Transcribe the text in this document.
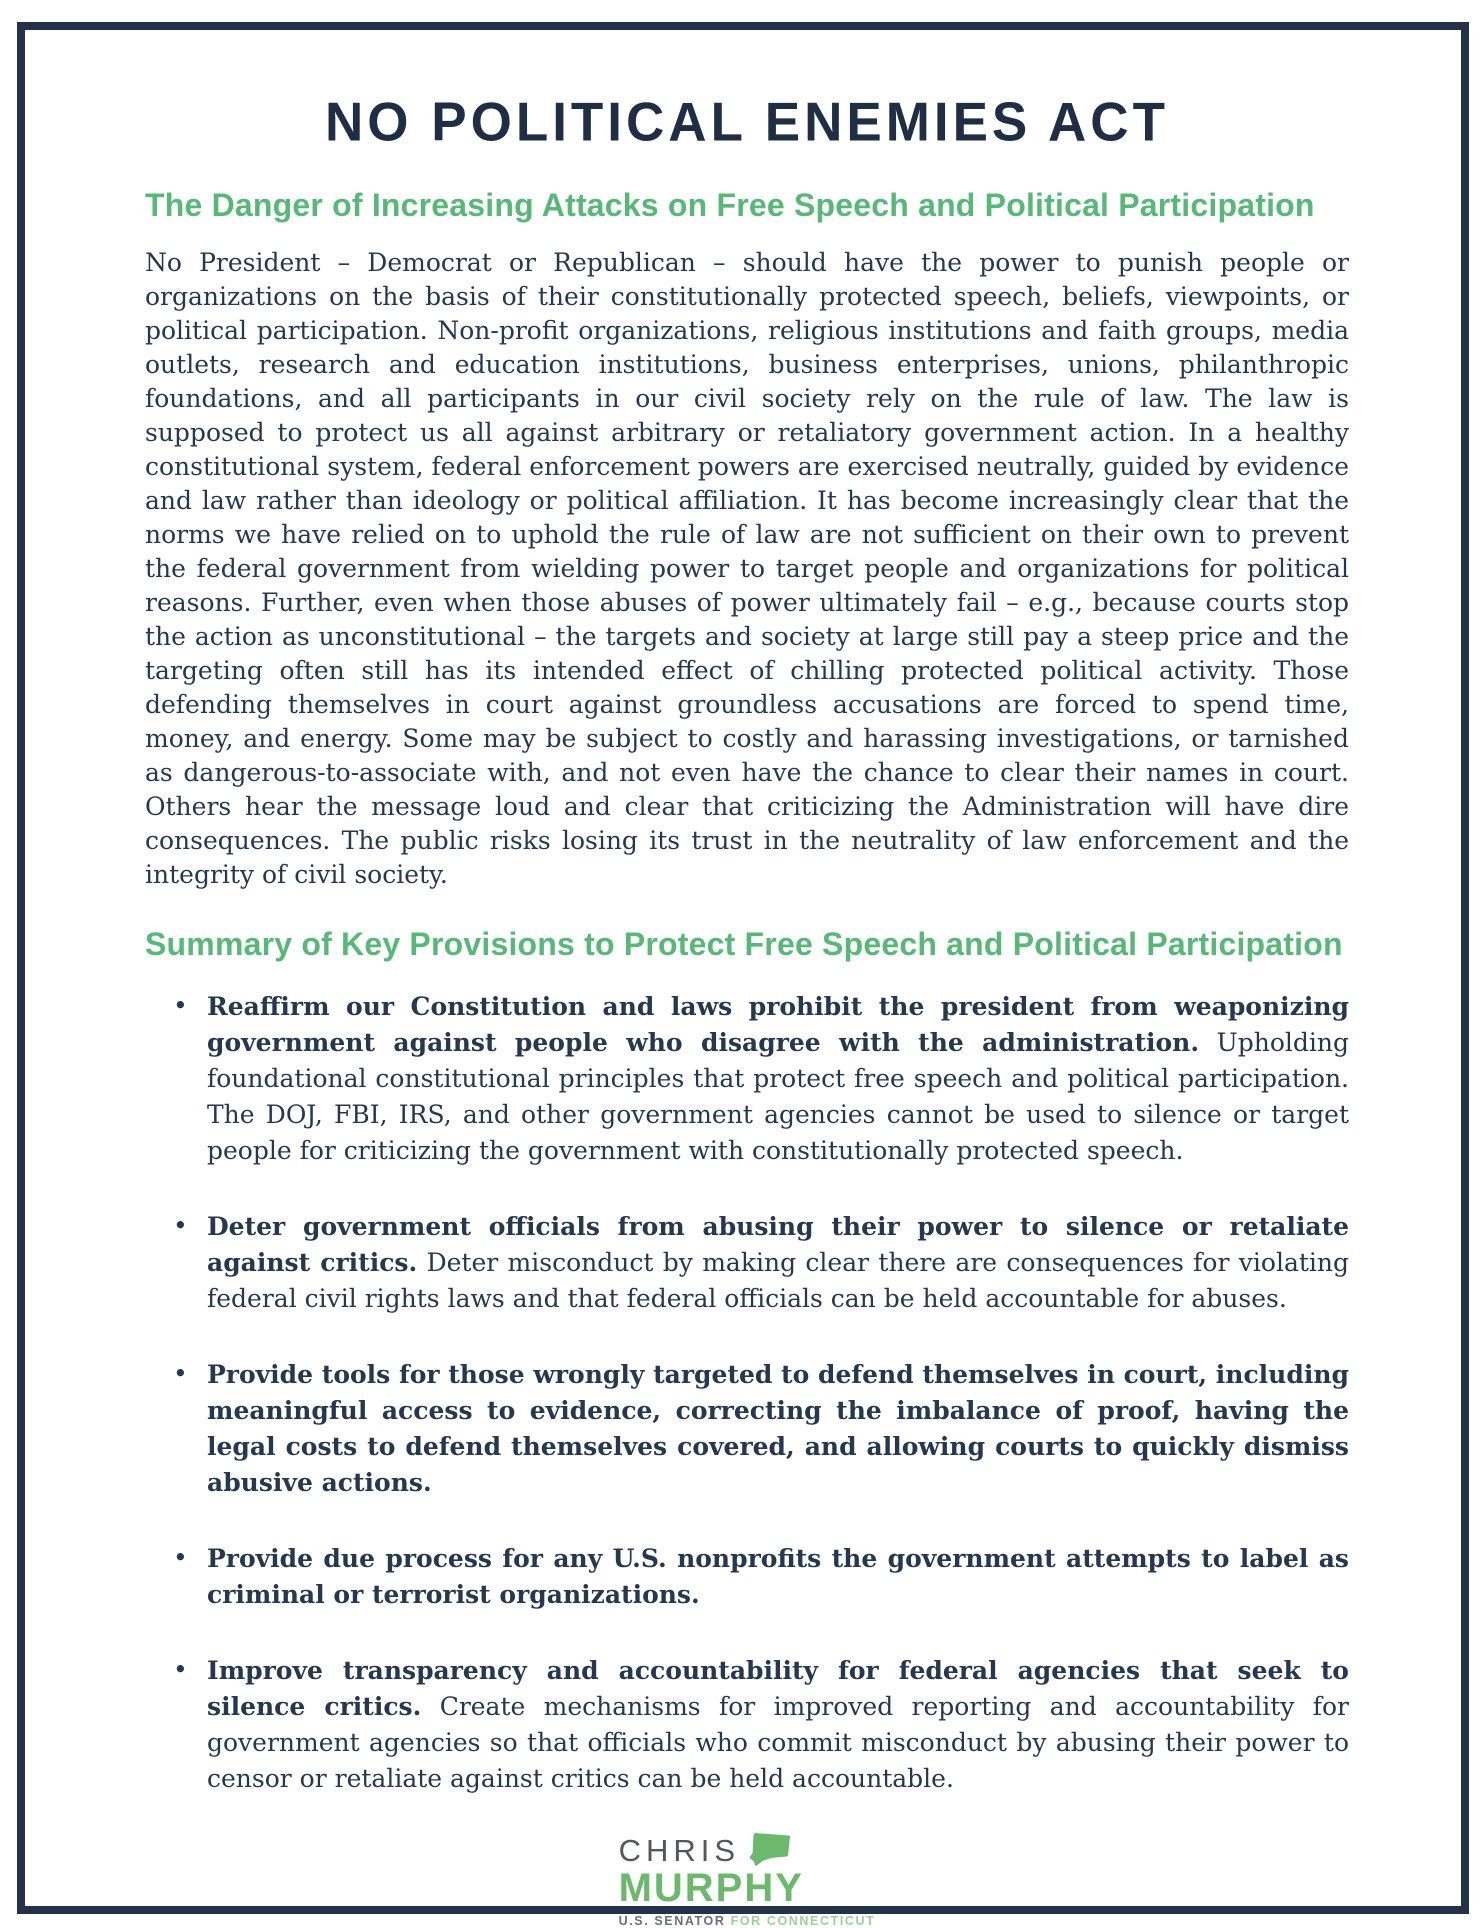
NO POLITICAL ENEMIES ACT
The Danger of Increasing Attacks on Free Speech and Political Participation

No President – Democrat or Republican – should have the power to punish people or organizations on the basis of their constitutionally protected speech, beliefs, viewpoints, or political participation. Non-profit organizations, religious institutions and faith groups, media outlets, research and education institutions, business enterprises, unions, philanthropic foundations, and all participants in our civil society rely on the rule of law. The law is supposed to protect us all against arbitrary or retaliatory government action. In a healthy constitutional system, federal enforcement powers are exercised neutrally, guided by evidence and law rather than ideology or political affiliation. It has become increasingly clear that the norms we have relied on to uphold the rule of law are not sufficient on their own to prevent the federal government from wielding power to target people and organizations for political reasons. Further, even when those abuses of power ultimately fail – e.g., because courts stop the action as unconstitutional – the targets and society at large still pay a steep price and the targeting often still has its intended effect of chilling protected political activity. Those defending themselves in court against groundless accusations are forced to spend time, money, and energy. Some may be subject to costly and harassing investigations, or tarnished as dangerous-to-associate with, and not even have the chance to clear their names in court. Others hear the message loud and clear that criticizing the Administration will have dire consequences. The public risks losing its trust in the neutrality of law enforcement and the integrity of civil society.

Summary of Key Provisions to Protect Free Speech and Political Participation
• Reaffirm our Constitution and laws prohibit the president from weaponizing government against people who disagree with the administration. Upholding foundational constitutional principles that protect free speech and political participation. The DOJ, FBI, IRS, and other government agencies cannot be used to silence or target people for criticizing the government with constitutionally protected speech.
• Deter government officials from abusing their power to silence or retaliate against critics. Deter misconduct by making clear there are consequences for violating federal civil rights laws and that federal officials can be held accountable for abuses.
• Provide tools for those wrongly targeted to defend themselves in court, including meaningful access to evidence, correcting the imbalance of proof, having the legal costs to defend themselves covered, and allowing courts to quickly dismiss abusive actions.
• Provide due process for any U.S. nonprofits the government attempts to label as criminal or terrorist organizations.
• Improve transparency and accountability for federal agencies that seek to silence critics. Create mechanisms for improved reporting and accountability for government agencies so that officials who commit misconduct by abusing their power to censor or retaliate against critics can be held accountable.
CHRIS
MURPHY
U.S. SENATOR FOR CONNECTICUT
